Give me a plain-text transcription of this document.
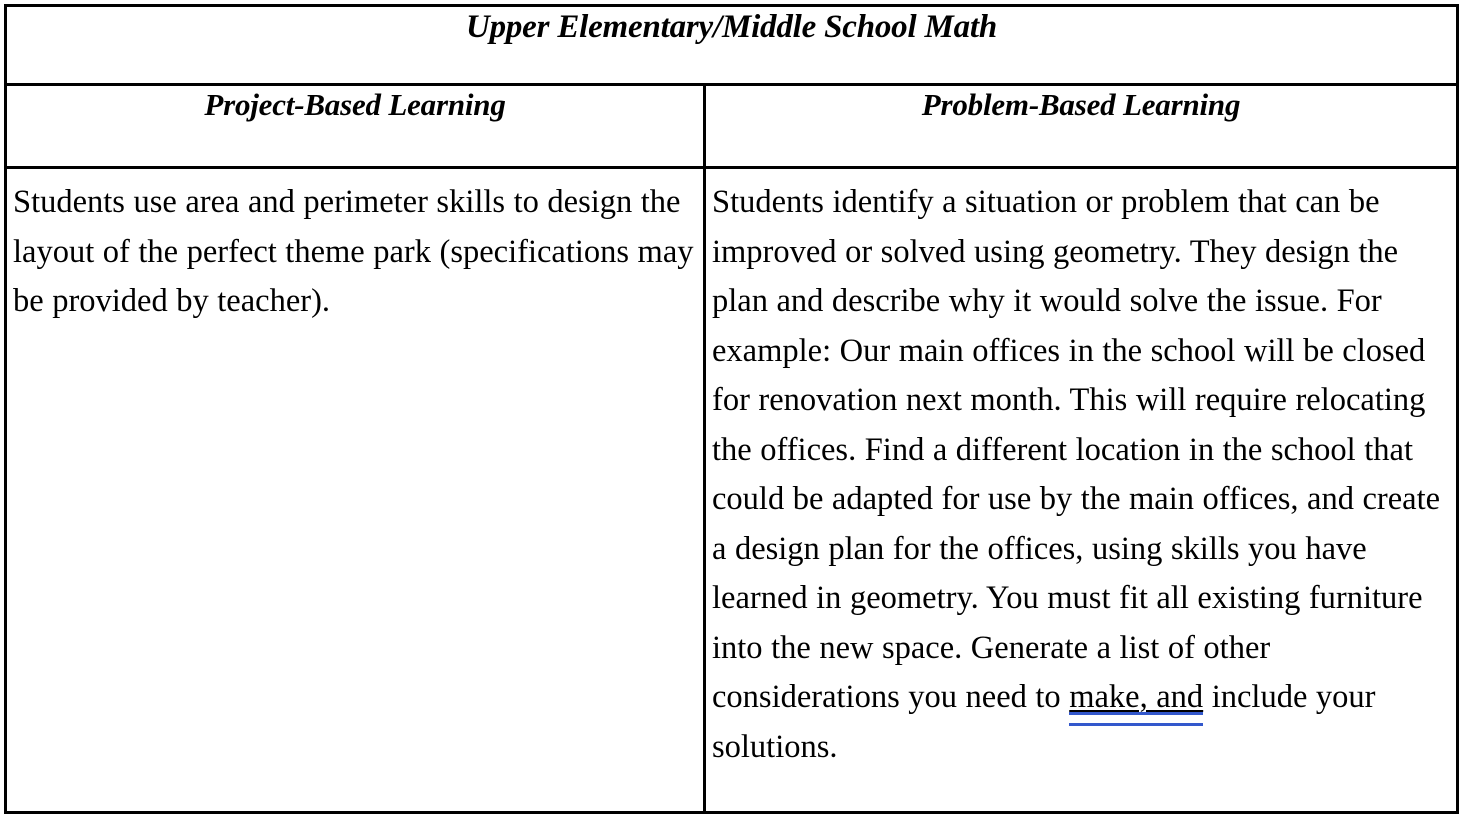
Upper Elementary/Middle School Math	
Project-Based Learning	Problem-Based Learning

Students use area and perimeter skills to design the layout of the perfect theme park (specifications may be provided by teacher).	Students identify a situation or problem that can be improved or solved using geometry. They design the plan and describe why it would solve the issue. For example: Our main offices in the school will be closed for renovation next month. This will require relocating the offices. Find a different location in the school that could be adapted for use by the main offices, and create a design plan for the offices, using skills you have learned in geometry. You must fit all existing furniture into the new space. Generate a list of other considerations you need to make, and include your solutions.
